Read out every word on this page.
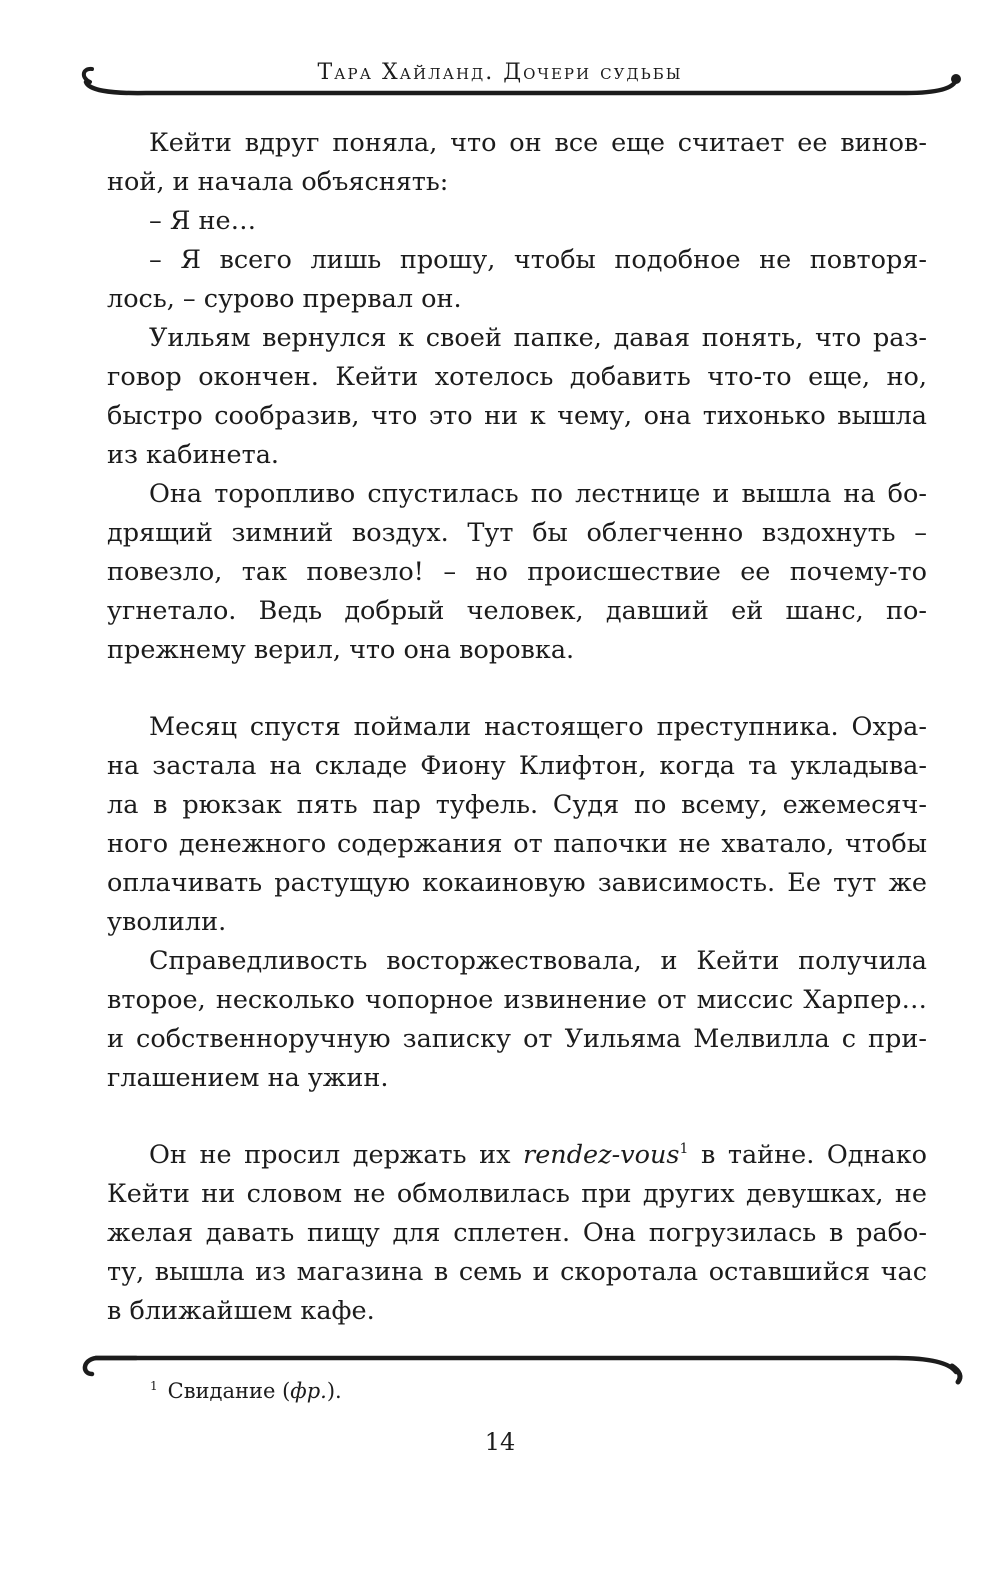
Тара Хайланд. Дочери судьбы
Кейти вдруг поняла, что он все еще считает ее винов-
ной, и начала объяснять:
– Я не…
– Я всего лишь прошу, чтобы подобное не повторя-
лось, – сурово прервал он.
Уильям вернулся к своей папке, давая понять, что раз-
говор окончен. Кейти хотелось добавить что-то еще, но,
быстро сообразив, что это ни к чему, она тихонько вышла
из кабинета.
Она торопливо спустилась по лестнице и вышла на бо-
дрящий зимний воздух. Тут бы облегченно вздохнуть –
повезло, так повезло! – но происшествие ее почему-то
угнетало. Ведь добрый человек, давший ей шанс, по-
прежнему верил, что она воровка.
Месяц спустя поймали настоящего преступника. Охра-
на застала на складе Фиону Клифтон, когда та укладыва-
ла в рюкзак пять пар туфель. Судя по всему, ежемесяч-
ного денежного содержания от папочки не хватало, чтобы
оплачивать растущую кокаиновую зависимость. Ее тут же
уволили.
Справедливость восторжествовала, и Кейти получила
второе, несколько чопорное извинение от миссис Харпер…
и собственноручную записку от Уильяма Мелвилла с при-
глашением на ужин.
Он не просил держать их rendez-vous$^1$ в тайне. Однако
Кейти ни словом не обмолвилась при других девушках, не
желая давать пищу для сплетен. Она погрузилась в рабо-
ту, вышла из магазина в семь и скоротала оставшийся час
в ближайшем кафе.
$^1$ Свидание (фр.).
14
